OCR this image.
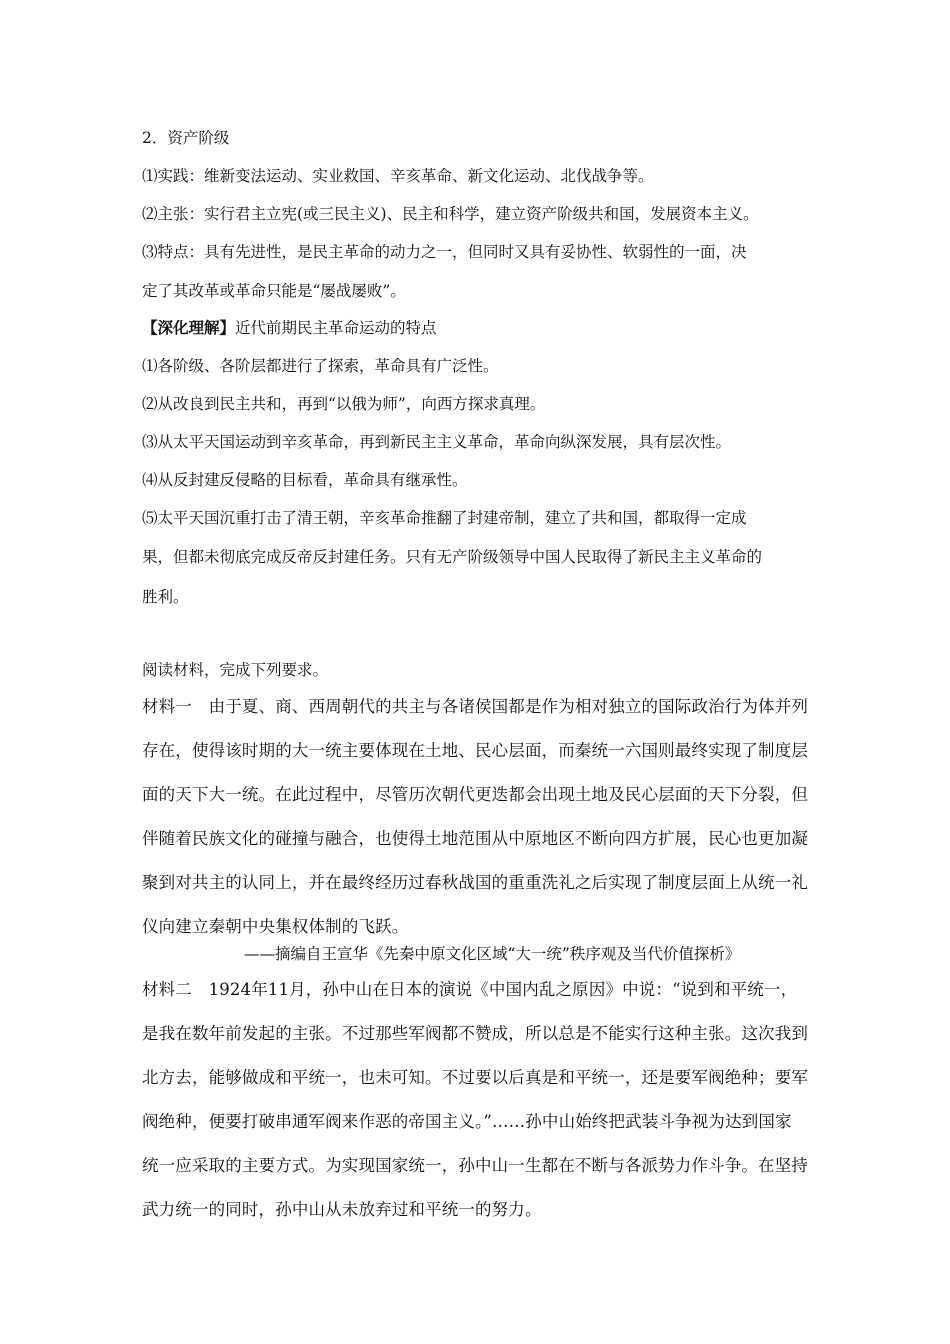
2．资产阶级
⑴实践：维新变法运动、实业救国、辛亥革命、新文化运动、北伐战争等。
⑵主张：实行君主立宪(或三民主义)、民主和科学，建立资产阶级共和国，发展资本主义。
⑶特点：具有先进性，是民主革命的动力之一，但同时又具有妥协性、软弱性的一面，决
定了其改革或革命只能是“屡战屡败”。
【深化理解】近代前期民主革命运动的特点
⑴各阶级、各阶层都进行了探索，革命具有广泛性。
⑵从改良到民主共和，再到“以俄为师”，向西方探求真理。
⑶从太平天国运动到辛亥革命，再到新民主主义革命，革命向纵深发展，具有层次性。
⑷从反封建反侵略的目标看，革命具有继承性。
⑸太平天国沉重打击了清王朝，辛亥革命推翻了封建帝制，建立了共和国，都取得一定成
果，但都未彻底完成反帝反封建任务。只有无产阶级领导中国人民取得了新民主主义革命的
胜利。
阅读材料，完成下列要求。
材料一　由于夏、商、西周朝代的共主与各诸侯国都是作为相对独立的国际政治行为体并列
存在，使得该时期的大一统主要体现在土地、民心层面，而秦统一六国则最终实现了制度层
面的天下大一统。在此过程中，尽管历次朝代更迭都会出现土地及民心层面的天下分裂，但
伴随着民族文化的碰撞与融合，也使得土地范围从中原地区不断向四方扩展，民心也更加凝
聚到对共主的认同上，并在最终经历过春秋战国的重重洗礼之后实现了制度层面上从统一礼
仪向建立秦朝中央集权体制的飞跃。
——摘编自王宣华《先秦中原文化区域“大一统”秩序观及当代价值探析》
材料二　1924年11月，孙中山在日本的演说《中国内乱之原因》中说：“说到和平统一，
是我在数年前发起的主张。不过那些军阀都不赞成，所以总是不能实行这种主张。这次我到
北方去，能够做成和平统一，也未可知。不过要以后真是和平统一，还是要军阀绝种；要军
阀绝种，便要打破串通军阀来作恶的帝国主义。”……孙中山始终把武装斗争视为达到国家
统一应采取的主要方式。为实现国家统一，孙中山一生都在不断与各派势力作斗争。在坚持
武力统一的同时，孙中山从未放弃过和平统一的努力。
